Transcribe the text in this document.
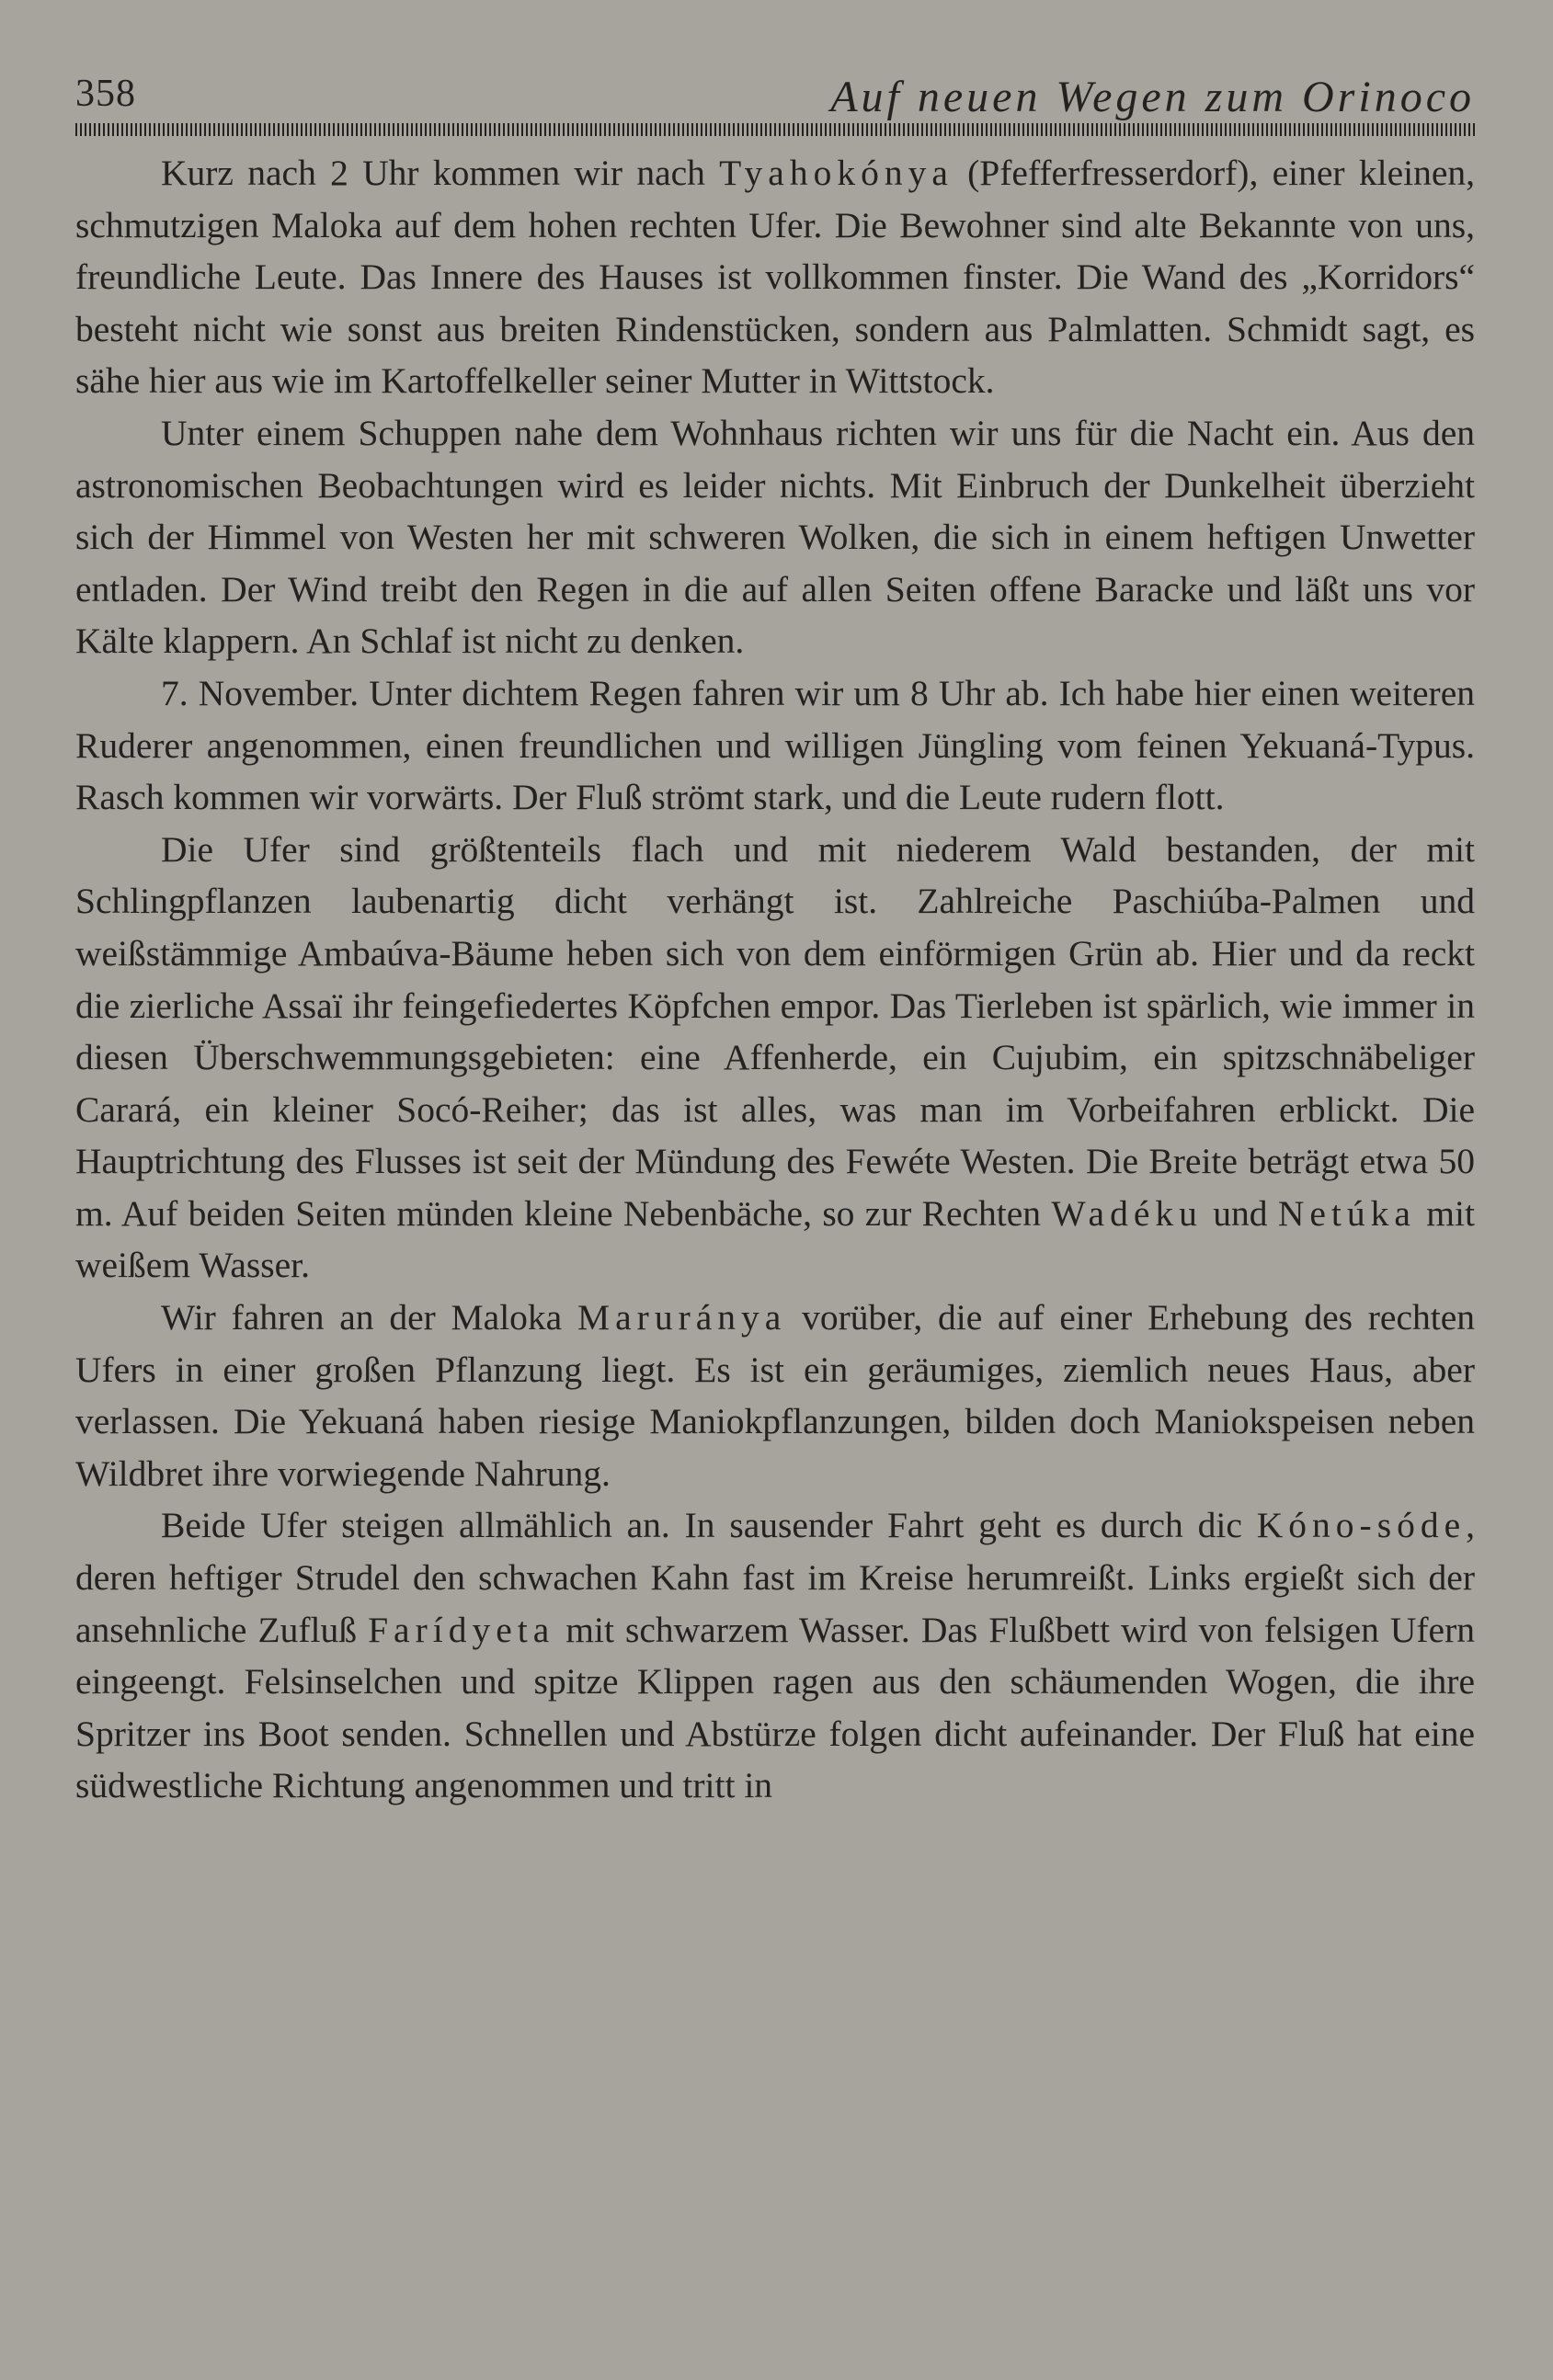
358	Auf neuen Wegen zum Orinoco

Kurz nach 2 Uhr kommen wir nach Tyahokónya (Pfefferfresserdorf), einer kleinen, schmutzigen Maloka auf dem hohen rechten Ufer. Die Bewohner sind alte Bekannte von uns, freundliche Leute. Das Innere des Hauses ist vollkommen finster. Die Wand des „Korridors“ besteht nicht wie sonst aus breiten Rindenstücken, sondern aus Palmlatten. Schmidt sagt, es sähe hier aus wie im Kartoffelkeller seiner Mutter in Wittstock.

Unter einem Schuppen nahe dem Wohnhaus richten wir uns für die Nacht ein. Aus den astronomischen Beobachtungen wird es leider nichts. Mit Einbruch der Dunkelheit überzieht sich der Himmel von Westen her mit schweren Wolken, die sich in einem heftigen Unwetter entladen. Der Wind treibt den Regen in die auf allen Seiten offene Baracke und läßt uns vor Kälte klappern. An Schlaf ist nicht zu denken.

7. November. Unter dichtem Regen fahren wir um 8 Uhr ab. Ich habe hier einen weiteren Ruderer angenommen, einen freundlichen und willigen Jüngling vom feinen Yekuaná-Typus. Rasch kommen wir vorwärts. Der Fluß strömt stark, und die Leute rudern flott.

Die Ufer sind größtenteils flach und mit niederem Wald bestanden, der mit Schlingpflanzen laubenartig dicht verhängt ist. Zahlreiche Paschiúba-Palmen und weißstämmige Ambaúva-Bäume heben sich von dem einförmigen Grün ab. Hier und da reckt die zierliche Assaï ihr feingefiedertes Köpfchen empor. Das Tierleben ist spärlich, wie immer in diesen Überschwemmungsgebieten: eine Affenherde, ein Cujubim, ein spitzschnäbeliger Carará, ein kleiner Socó-Reiher; das ist alles, was man im Vorbeifahren erblickt. Die Hauptrichtung des Flusses ist seit der Mündung des Fewéte Westen. Die Breite beträgt etwa 50 m. Auf beiden Seiten münden kleine Nebenbäche, so zur Rechten Wadéku und Netúka mit weißem Wasser.

Wir fahren an der Maloka Maruránya vorüber, die auf einer Erhebung des rechten Ufers in einer großen Pflanzung liegt. Es ist ein geräumiges, ziemlich neues Haus, aber verlassen. Die Yekuaná haben riesige Maniokpflanzungen, bilden doch Maniokspeisen neben Wildbret ihre vorwiegende Nahrung.

Beide Ufer steigen allmählich an. In sausender Fahrt geht es durch dic Kóno-sóde, deren heftiger Strudel den schwachen Kahn fast im Kreise herumreißt. Links ergießt sich der ansehnliche Zufluß Farídyeta mit schwarzem Wasser. Das Flußbett wird von felsigen Ufern eingeengt. Felsinselchen und spitze Klippen ragen aus den schäumenden Wogen, die ihre Spritzer ins Boot senden. Schnellen und Abstürze folgen dicht aufeinander. Der Fluß hat eine südwestliche Richtung angenommen und tritt in
